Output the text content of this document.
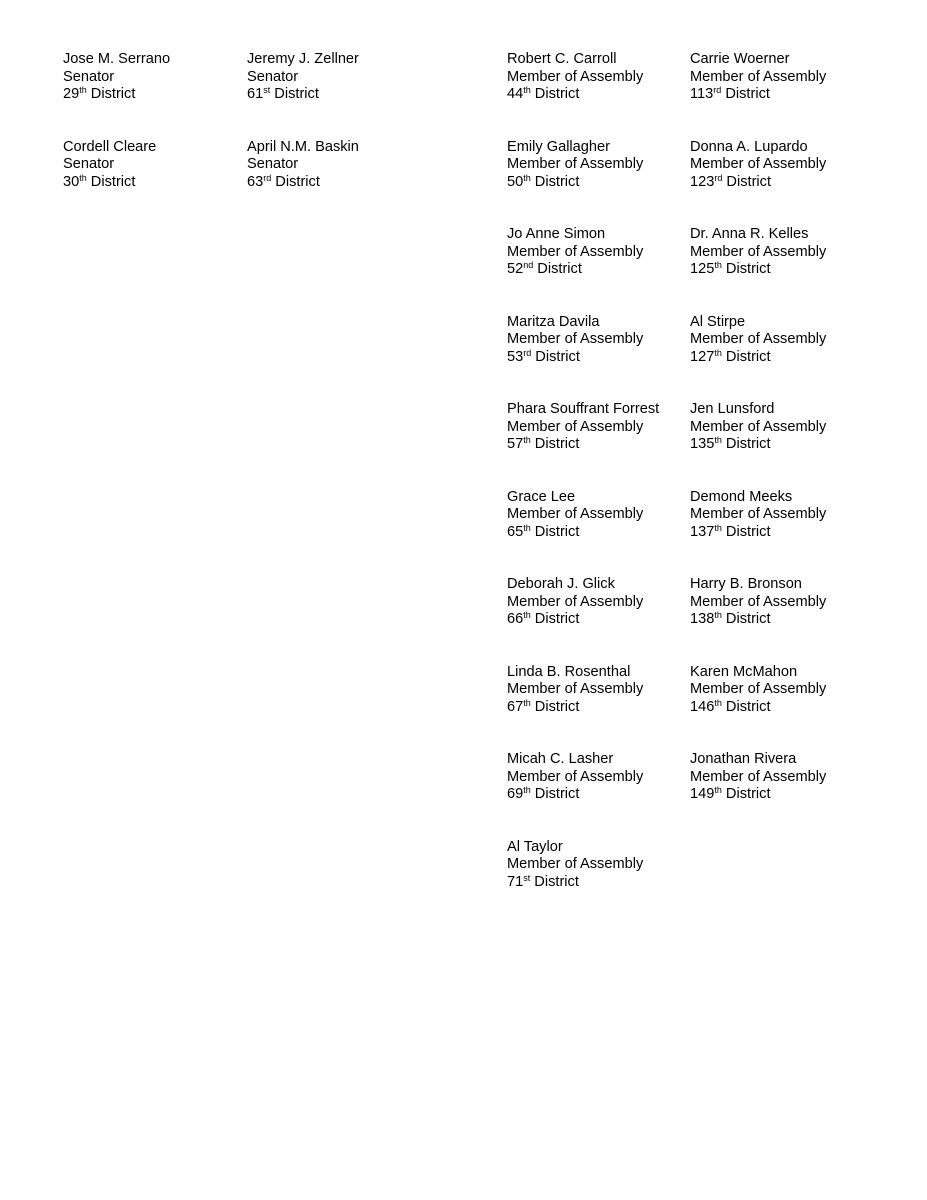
Jose M. Serrano
Senator
29th District
Cordell Cleare
Senator
30th District
Jeremy J. Zellner
Senator
61st District
April N.M. Baskin
Senator
63rd District
Robert C. Carroll
Member of Assembly
44th District
Emily Gallagher
Member of Assembly
50th District
Jo Anne Simon
Member of Assembly
52nd District
Maritza Davila
Member of Assembly
53rd District
Phara Souffrant Forrest
Member of Assembly
57th District
Grace Lee
Member of Assembly
65th District
Deborah J. Glick
Member of Assembly
66th District
Linda B. Rosenthal
Member of Assembly
67th District
Micah C. Lasher
Member of Assembly
69th District
Al Taylor
Member of Assembly
71st District
Carrie Woerner
Member of Assembly
113rd District
Donna A. Lupardo
Member of Assembly
123rd District
Dr. Anna R. Kelles
Member of Assembly
125th District
Al Stirpe
Member of Assembly
127th District
Jen Lunsford
Member of Assembly
135th District
Demond Meeks
Member of Assembly
137th District
Harry B. Bronson
Member of Assembly
138th District
Karen McMahon
Member of Assembly
146th District
Jonathan Rivera
Member of Assembly
149th District
